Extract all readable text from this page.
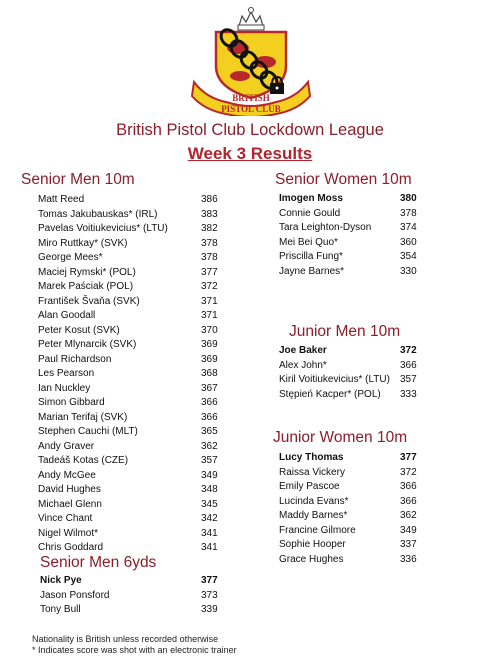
BRITISH
PISTOL CLUB
British Pistol Club Lockdown League
Week 3 Results
Senior Men 10m
Matt Reed	386
Tomas Jakubauskas* (IRL)	383
Pavelas Voitiukevicius* (LTU)	382
Miro Ruttkay* (SVK)	378
George Mees*	378
Maciej Rymski* (POL)	377
Marek Paściak (POL)	372
František Švaňa (SVK)	371
Alan Goodall	371
Peter Kosut (SVK)	370
Peter Mlynarcik (SVK)	369
Paul Richardson	369
Les Pearson	368
Ian Nuckley	367
Simon Gibbard	366
Marian Terifaj (SVK)	366
Stephen Cauchi (MLT)	365
Andy Graver	362
Tadeáš Kotas (CZE)	357
Andy McGee	349
David Hughes	348
Michael Glenn	345
Vince Chant	342
Nigel Wilmot*	341
Chris Goddard	341
Senior Men 6yds
Nick Pye	377
Jason Ponsford	373
Tony Bull	339
Senior Women 10m
Imogen Moss	380
Connie Gould	378
Tara Leighton-Dyson	374
Mei Bei Quo*	360
Priscilla Fung*	354
Jayne Barnes*	330
Junior Men 10m
Joe Baker	372
Alex John*	366
Kiril Voitiukevicius* (LTU) 357
Stępień Kacper* (POL) 333
Junior Women 10m
Lucy Thomas	377
Raissa Vickery	372
Emily Pascoe	366
Lucinda Evans*	366
Maddy Barnes*	362
Francine Gilmore	349
Sophie Hooper	337
Grace Hughes	336
Nationality is British unless recorded otherwise
* Indicates score was shot with an electronic trainer
